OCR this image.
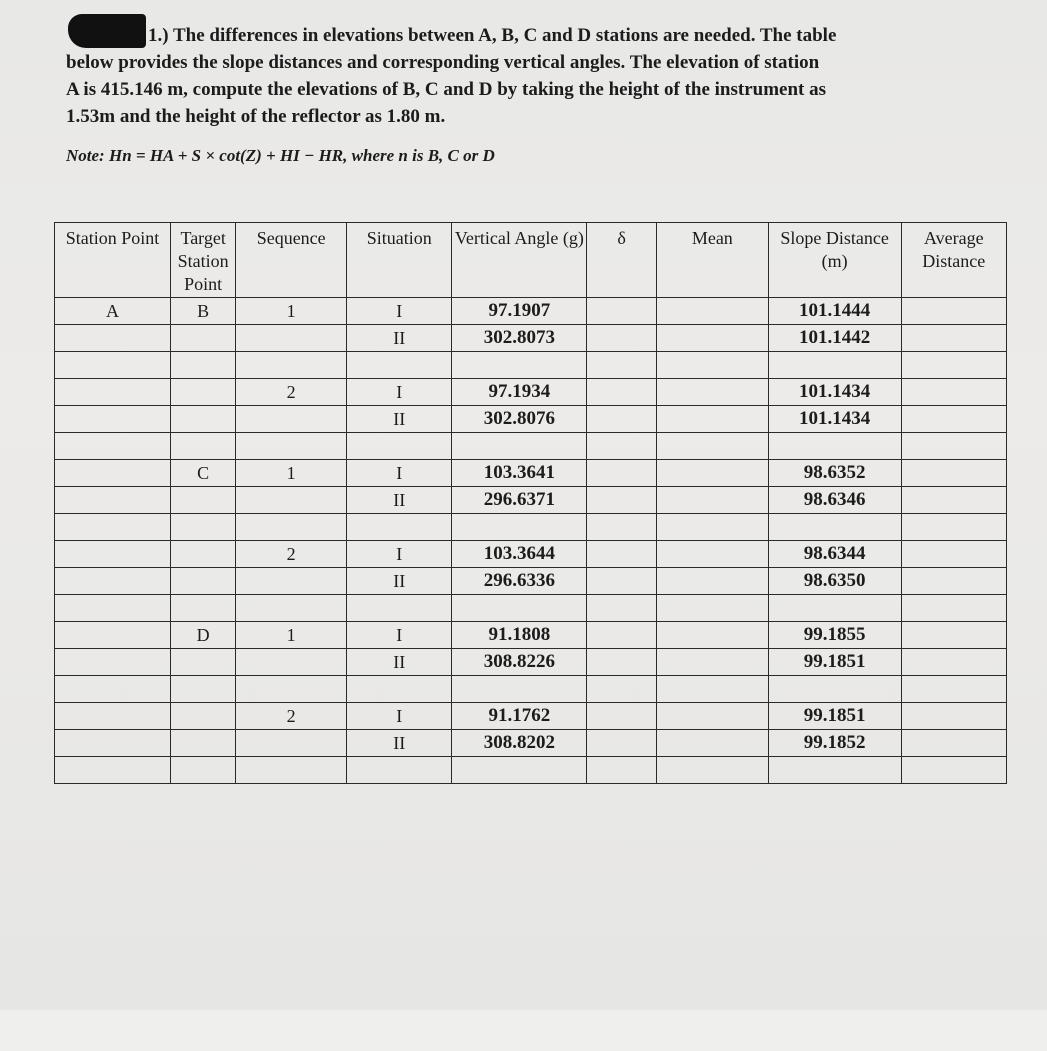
1.) The differences in elevations between A, B, C and D stations are needed. The table
below provides the slope distances and corresponding vertical angles. The elevation of station
A is 415.146 m, compute the elevations of B, C and D by taking the height of the instrument as
1.53m and the height of the reflector as 1.80 m.
Note: Hn = HA + S × cot(Z) + HI − HR, where n is B, C or D
Station Point	Target Station Point	Sequence	Situation	Vertical Angle (g)	δ	Mean	Slope Distance (m)	Average Distance
A	B	1	I	97.1907			101.1444	
			II	302.8073			101.1442	

		2	I	97.1934			101.1434	
			II	302.8076			101.1434	

	C	1	I	103.3641			98.6352	
			II	296.6371			98.6346	

		2	I	103.3644			98.6344	
			II	296.6336			98.6350	

	D	1	I	91.1808			99.1855	
			II	308.8226			99.1851	

		2	I	91.1762			99.1851	
			II	308.8202			99.1852	
